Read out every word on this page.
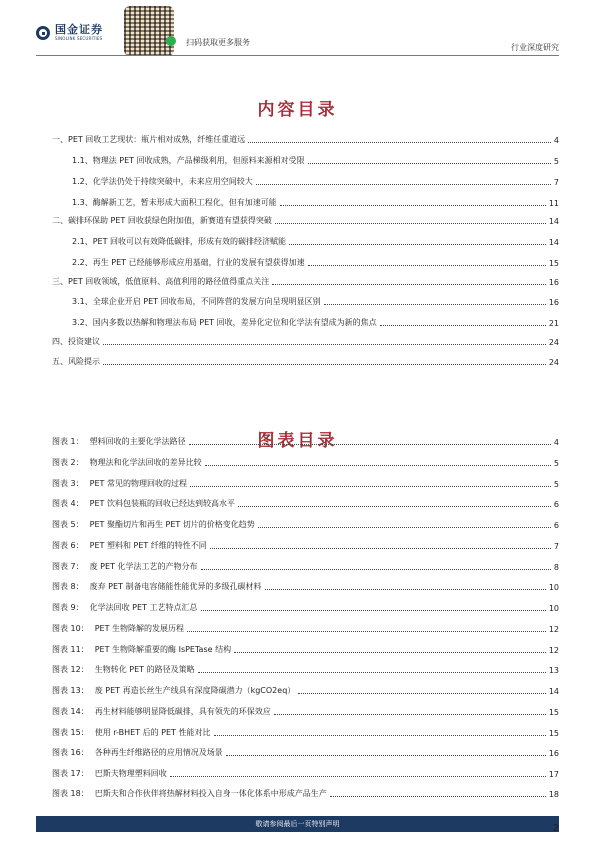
国金证券
SINOLINK SECURITIES	扫码获取更多服务
行业深度研究
内容目录
一、PET 回收工艺现状：瓶片相对成熟，纤维任重道远	4
1.1、物理法 PET 回收成熟，产品梯级利用，但原料来源相对受限	5
1.2、化学法仍处于持续突破中，未来应用空间较大	7
1.3、酶解新工艺，暂未形成大面积工程化，但有加速可能	11
二、碳排环保助 PET 回收获绿色附加值，新赛道有望获得突破	14
2.1、PET 回收可以有效降低碳排，形成有效的碳排经济赋能	14
2.2、再生 PET 已经能够形成应用基础，行业的发展有望获得加速	15
三、PET 回收领域，低值原料、高值利用的路径值得重点关注	16
3.1、全球企业开启 PET 回收布局，不同阵营的发展方向呈现明显区别	16
3.2、国内多数以热解和物理法布局 PET 回收，差异化定位和化学法有望成为新的焦点	21
四、投资建议	24
五、风险提示	24
图表目录
图表 1： 塑料回收的主要化学法路径	4
图表 2： 物理法和化学法回收的差异比较	5
图表 3： PET 常见的物理回收的过程	5
图表 4： PET 饮料包装瓶的回收已经达到较高水平	6
图表 5： PET 聚酯切片和再生 PET 切片的价格变化趋势	6
图表 6： PET 塑料和 PET 纤维的特性不同	7
图表 7： 废 PET 化学法工艺的产物分布	8
图表 8： 废弃 PET 制备电容储能性能优异的多级孔碳材料	10
图表 9： 化学法回收 PET 工艺特点汇总	10
图表 10： PET 生物降解的发展历程	12
图表 11： PET 生物降解重要的酶 IsPETase 结构	12
图表 12： 生物转化 PET 的路径及策略	13
图表 13： 废 PET 再造长丝生产线具有深度降碳潜力（kgCO2eq）	14
图表 14： 再生材料能够明显降低碳排，具有领先的环保效应	15
图表 15： 使用 r-BHET 后的 PET 性能对比	15
图表 16： 各种再生纤维路径的应用情况及场景	16
图表 17： 巴斯夫物理塑料回收	17
图表 18： 巴斯夫和合作伙伴将热解材料投入自身一体化体系中形成产品生产	18
敬请参阅最后一页特别声明	2
